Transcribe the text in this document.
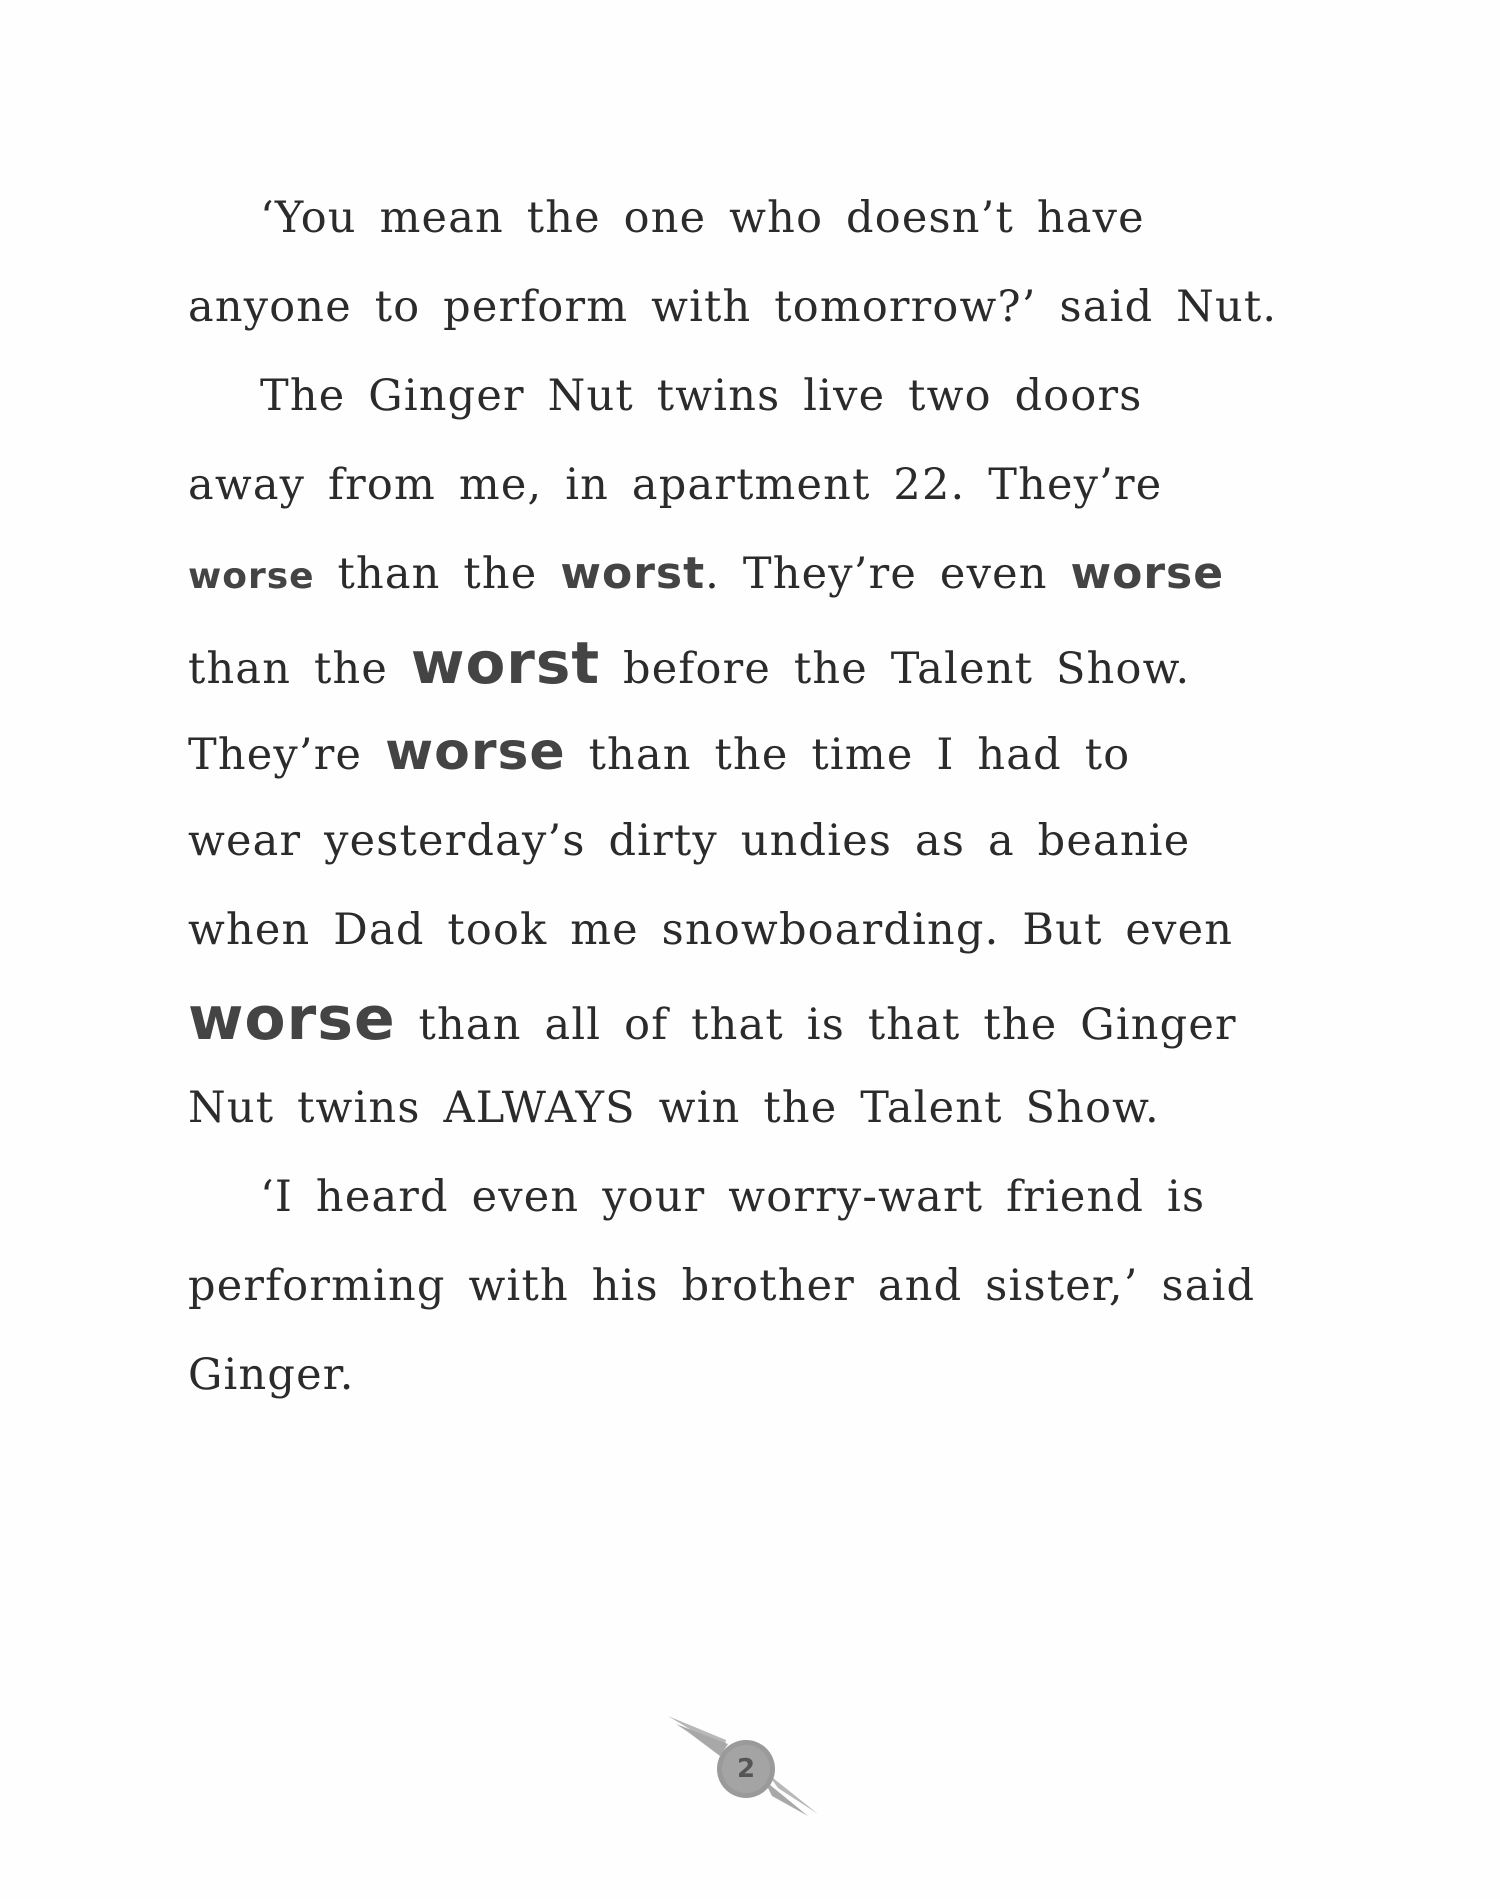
‘You mean the one who doesn’t have
anyone to perform with tomorrow?’ said Nut.
The Ginger Nut twins live two doors
away from me, in apartment 22. They’re
worse than the worst. They’re even worse
than the worst before the Talent Show.
They’re worse than the time I had to
wear yesterday’s dirty undies as a beanie
when Dad took me snowboarding. But even
worse than all of that is that the Ginger
Nut twins ALWAYS win the Talent Show.
‘I heard even your worry-wart friend is
performing with his brother and sister,’ said
Ginger.
2
